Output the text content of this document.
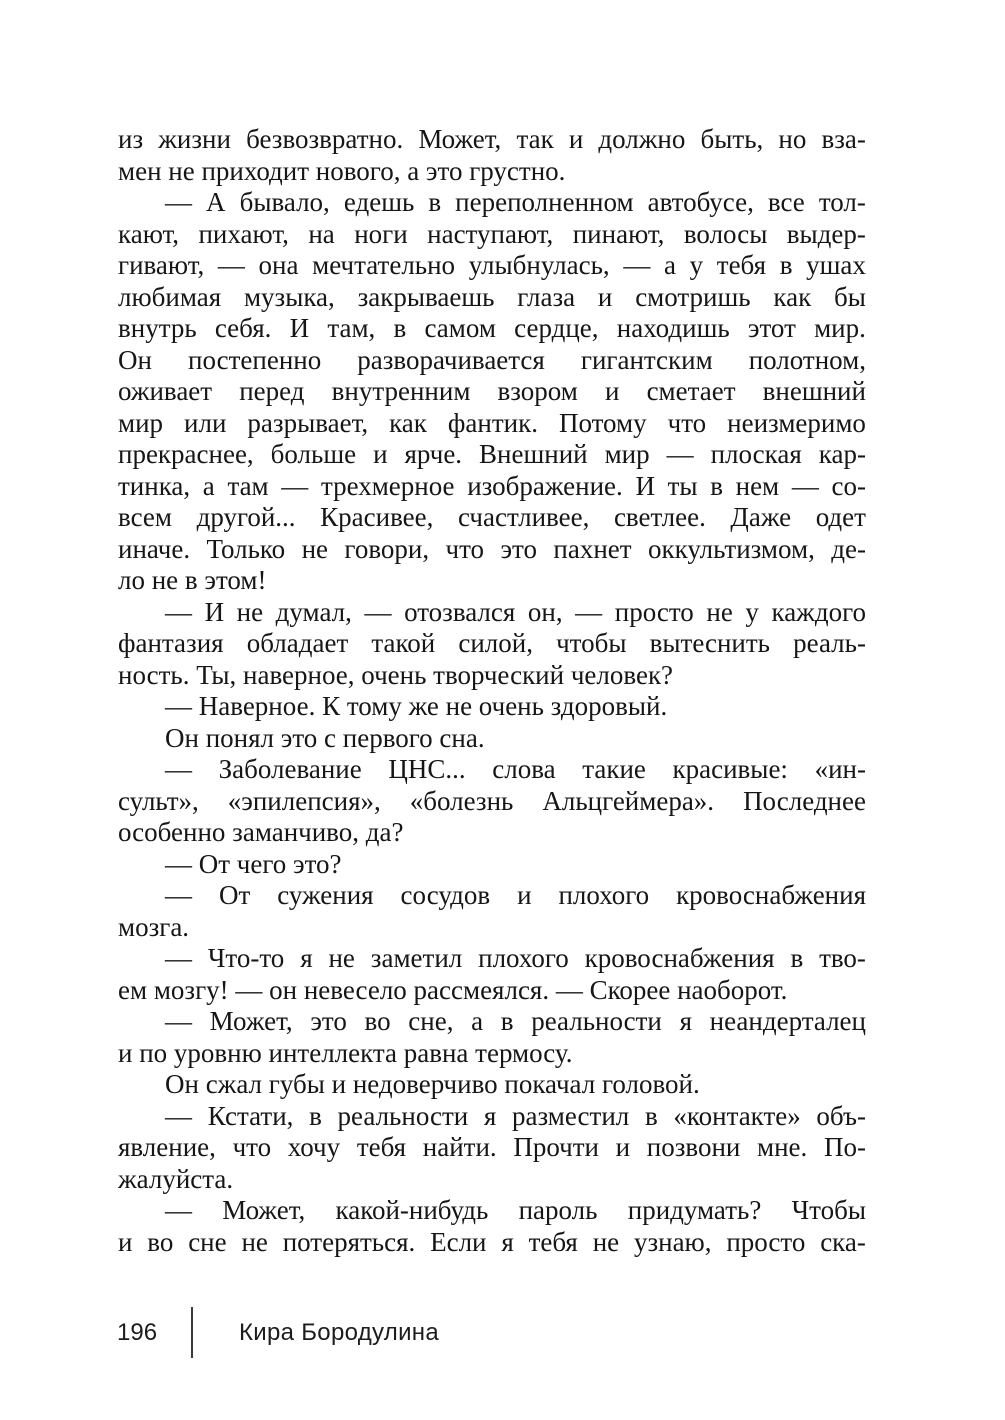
из жизни безвозвратно. Может, так и должно быть, но вза-
мен не приходит нового, а это грустно.
— А бывало, едешь в переполненном автобусе, все тол-
кают, пихают, на ноги наступают, пинают, волосы выдер-
гивают, — она мечтательно улыбнулась, — а у тебя в ушах
любимая музыка, закрываешь глаза и смотришь как бы
внутрь себя. И там, в самом сердце, находишь этот мир.
Он постепенно разворачивается гигантским полотном,
оживает перед внутренним взором и сметает внешний
мир или разрывает, как фантик. Потому что неизмеримо
прекраснее, больше и ярче. Внешний мир — плоская кар-
тинка, а там — трехмерное изображение. И ты в нем — со-
всем другой... Красивее, счастливее, светлее. Даже одет
иначе. Только не говори, что это пахнет оккультизмом, де-
ло не в этом!
— И не думал, — отозвался он, — просто не у каждого
фантазия обладает такой силой, чтобы вытеснить реаль-
ность. Ты, наверное, очень творческий человек?
— Наверное. К тому же не очень здоровый.
Он понял это с первого сна.
— Заболевание ЦНС... слова такие красивые: «ин-
сульт», «эпилепсия», «болезнь Альцгеймера». Последнее
особенно заманчиво, да?
— От чего это?
— От сужения сосудов и плохого кровоснабжения
мозга.
— Что-то я не заметил плохого кровоснабжения в тво-
ем мозгу! — он невесело рассмеялся. — Скорее наоборот.
— Может, это во сне, а в реальности я неандерталец
и по уровню интеллекта равна термосу.
Он сжал губы и недоверчиво покачал головой.
— Кстати, в реальности я разместил в «контакте» объ-
явление, что хочу тебя найти. Прочти и позвони мне. По-
жалуйста.
— Может, какой-нибудь пароль придумать? Чтобы
и во сне не потеряться. Если я тебя не узнаю, просто ска-
196	Кира Бородулина
